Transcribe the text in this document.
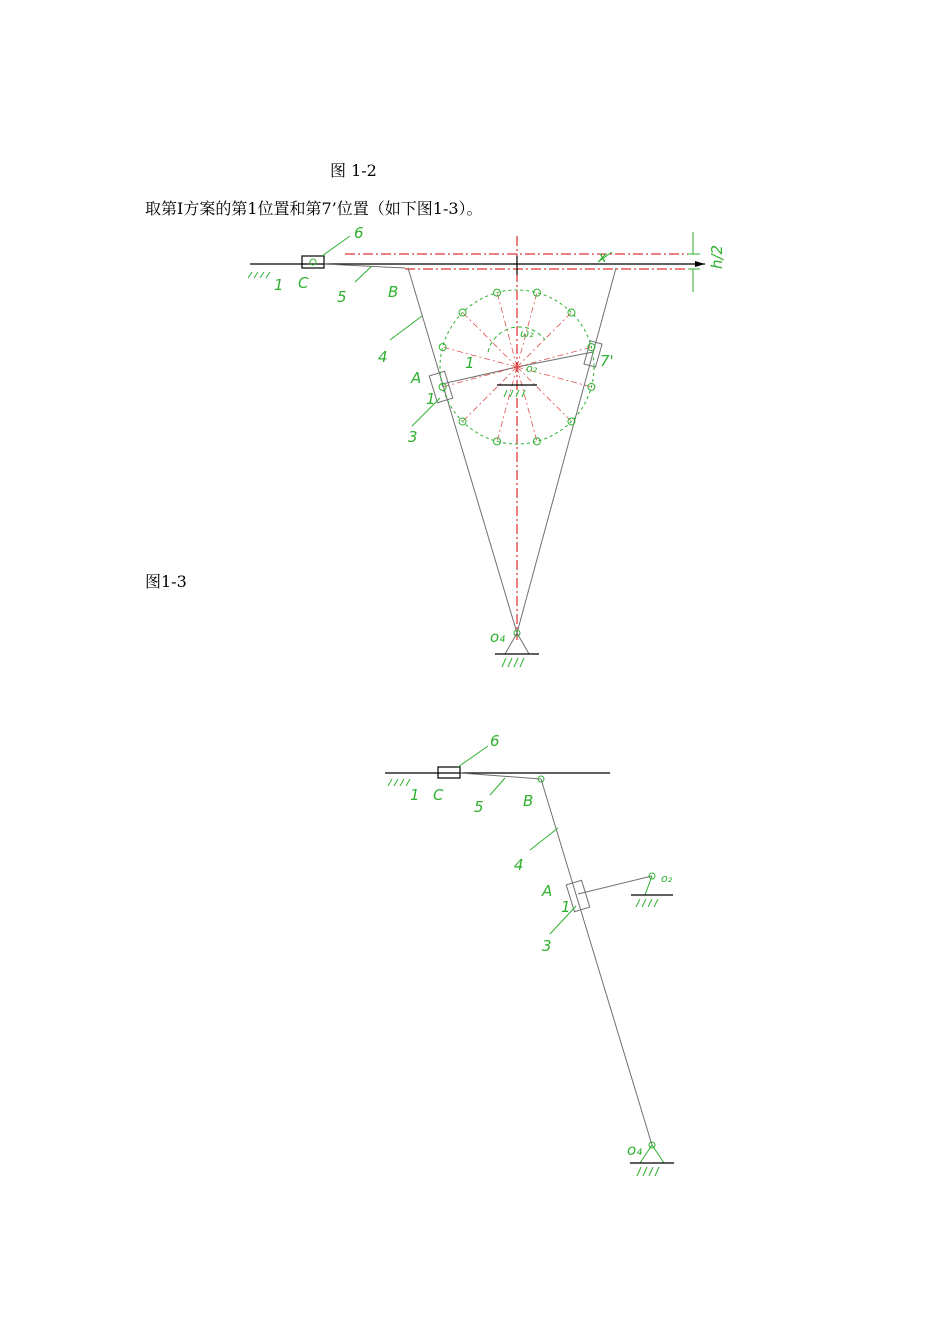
图 1-2
取第I方案的第1位置和第7’位置（如下图1-3）。
图1-3
h/2
1 C
6
5	B
4
A
1
3
7'
1	o₂
ω₂
x
o₄
1 C
6
5	B
4
A
1
3
o₂
o₄
